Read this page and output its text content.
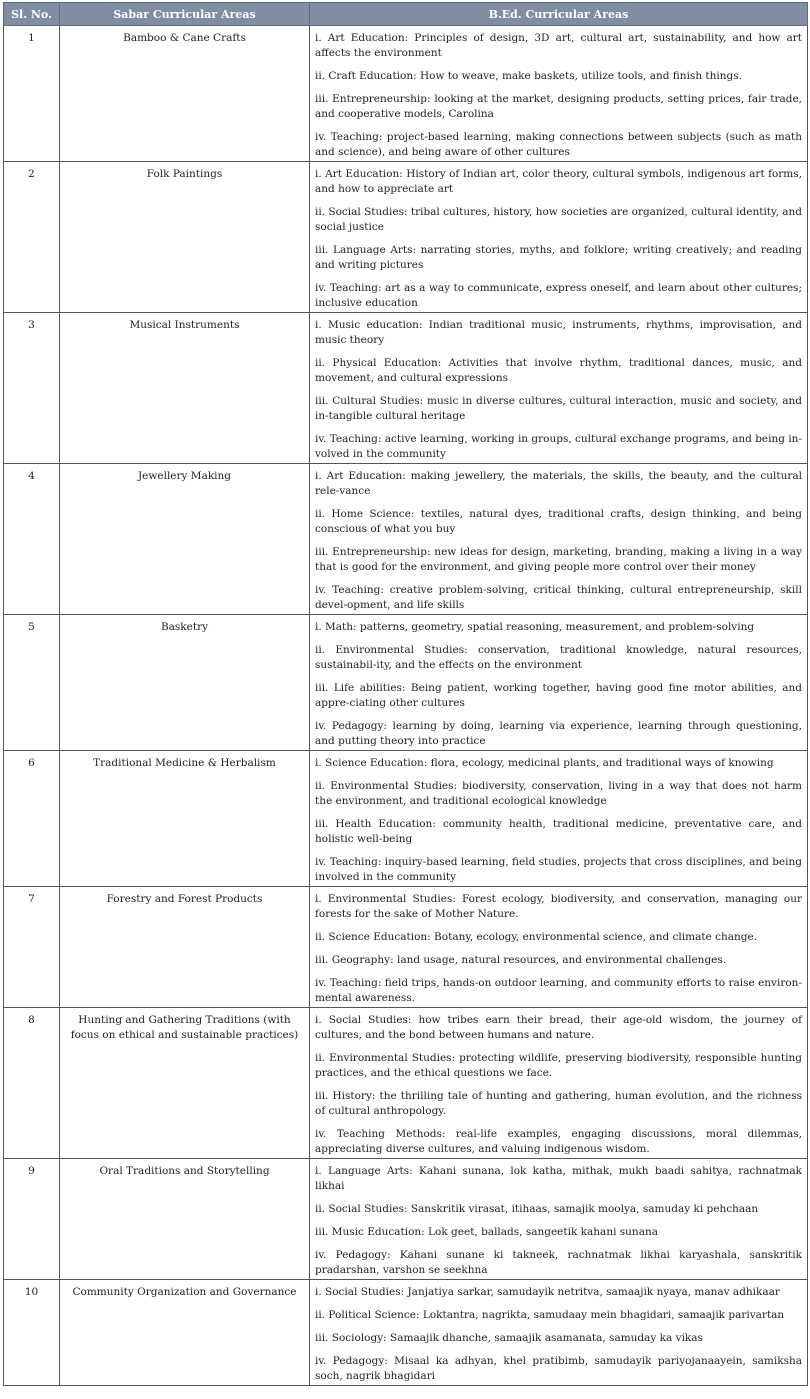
Sl. No.	Sabar Curricular Areas	B.Ed. Curricular Areas
1	Bamboo & Cane Crafts	i. Art Education: Principles of design, 3D art, cultural art, sustainability, and how art affects the environment

ii. Craft Education: How to weave, make baskets, utilize tools, and finish things.

iii. Entrepreneurship: looking at the market, designing products, setting prices, fair trade, and cooperative models, Carolina

iv. Teaching: project-based learning, making connections between subjects (such as math and science), and being aware of other cultures

2	Folk Paintings	i. Art Education: History of Indian art, color theory, cultural symbols, indigenous art forms, and how to appreciate art

ii. Social Studies: tribal cultures, history, how societies are organized, cultural identity, and social justice

iii. Language Arts: narrating stories, myths, and folklore; writing creatively; and reading and writing pictures

iv. Teaching: art as a way to communicate, express oneself, and learn about other cultures; inclusive education

3	Musical Instruments	i. Music education: Indian traditional music, instruments, rhythms, improvisation, and music theory

ii. Physical Education: Activities that involve rhythm, traditional dances, music, and movement, and cultural expressions

iii. Cultural Studies: music in diverse cultures, cultural interaction, music and society, and in-tangible cultural heritage

iv. Teaching: active learning, working in groups, cultural exchange programs, and being in-volved in the community

4	Jewellery Making	i. Art Education: making jewellery, the materials, the skills, the beauty, and the cultural rele-vance

ii. Home Science: textiles, natural dyes, traditional crafts, design thinking, and being conscious of what you buy

iii. Entrepreneurship: new ideas for design, marketing, branding, making a living in a way that is good for the environment, and giving people more control over their money

iv. Teaching: creative problem-solving, critical thinking, cultural entrepreneurship, skill devel-opment, and life skills

5	Basketry	i. Math: patterns, geometry, spatial reasoning, measurement, and problem-solving

ii. Environmental Studies: conservation, traditional knowledge, natural resources, sustainabil-ity, and the effects on the environment

iii. Life abilities: Being patient, working together, having good fine motor abilities, and appre-ciating other cultures

iv. Pedagogy: learning by doing, learning via experience, learning through questioning, and putting theory into practice

6	Traditional Medicine & Herbalism	i. Science Education: flora, ecology, medicinal plants, and traditional ways of knowing

ii. Environmental Studies: biodiversity, conservation, living in a way that does not harm the environment, and traditional ecological knowledge

iii. Health Education: community health, traditional medicine, preventative care, and holistic well-being

iv. Teaching: inquiry-based learning, field studies, projects that cross disciplines, and being involved in the community

7	Forestry and Forest Products	i. Environmental Studies: Forest ecology, biodiversity, and conservation, managing our forests for the sake of Mother Nature.

ii. Science Education: Botany, ecology, environmental science, and climate change.

iii. Geography: land usage, natural resources, and environmental challenges.

iv. Teaching: field trips, hands-on outdoor learning, and community efforts to raise environ-mental awareness.

8	Hunting and Gathering Traditions (with focus on ethical and sustainable practices)	i. Social Studies: how tribes earn their bread, their age-old wisdom, the journey of cultures, and the bond between humans and nature.

ii. Environmental Studies: protecting wildlife, preserving biodiversity, responsible hunting practices, and the ethical questions we face.

iii. History: the thrilling tale of hunting and gathering, human evolution, and the richness of cultural anthropology.

iv. Teaching Methods: real-life examples, engaging discussions, moral dilemmas, appreciating diverse cultures, and valuing indigenous wisdom.

9	Oral Traditions and Storytelling	i. Language Arts: Kahani sunana, lok katha, mithak, mukh baadi sahitya, rachnatmak likhai

ii. Social Studies: Sanskritik virasat, itihaas, samajik moolya, samuday ki pehchaan

iii. Music Education: Lok geet, ballads, sangeetik kahani sunana

iv. Pedagogy: Kahani sunane ki takneek, rachnatmak likhai karyashala, sanskritik pradarshan, varshon se seekhna

10	Community Organization and Governance	i. Social Studies: Janjatiya sarkar, samudayik netritva, samaajik nyaya, manav adhikaar

ii. Political Science: Loktantra, nagrikta, samudaay mein bhagidari, samaajik parivartan

iii. Sociology: Samaajik dhanche, samaajik asamanata, samuday ka vikas

iv. Pedagogy: Misaal ka adhyan, khel pratibimb, samudayik pariyojanaayein, samiksha soch, nagrik bhagidari
